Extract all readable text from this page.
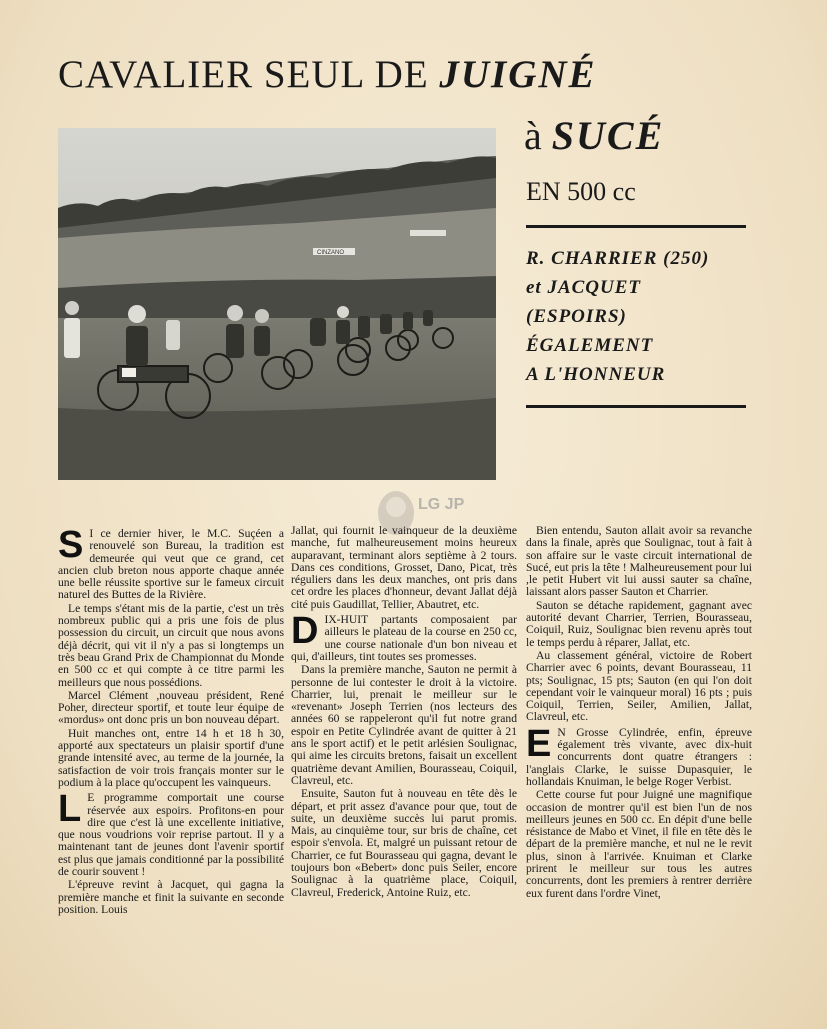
CAVALIER SEUL DE JUIGNÉ
à SUCÉ
EN 500 cc
R. CHARRIER (250)
et JACQUET
(ESPOIRS)
ÉGALEMENT
A L'HONNEUR
CINZANO
LG JP

S I ce dernier hiver, le M.C. Suçéen a renouvelé son Bureau, la tradition est demeurée qui veut que ce grand, cet ancien club breton nous apporte chaque année une belle réussite sportive sur le fameux circuit naturel des Buttes de la Rivière.

Le temps s'étant mis de la partie, c'est un très nombreux public qui a pris une fois de plus possession du circuit, un circuit que nous avons déjà décrit, qui vit il n'y a pas si longtemps un très beau Grand Prix de Championnat du Monde en 500 cc et qui compte à ce titre parmi les meilleurs que nous possédions.

Marcel Clément ,nouveau président, René Poher, directeur sportif, et toute leur équipe de «mordus» ont donc pris un bon nouveau départ.

Huit manches ont, entre 14 h et 18 h 30, apporté aux spectateurs un plaisir sportif d'une grande intensité avec, au terme de la journée, la satisfaction de voir trois français monter sur le podium à la place qu'occupent les vainqueurs.

L E programme comportait une course réservée aux espoirs. Profitons-en pour dire que c'est là une excellente initiative, que nous voudrions voir reprise partout. Il y a maintenant tant de jeunes dont l'avenir sportif est plus que jamais conditionné par la possibilité de courir souvent !

L'épreuve revint à Jacquet, qui gagna la première manche et finit la suivante en seconde position. Louis

Jallat, qui fournit le vainqueur de la deuxième manche, fut malheureusement moins heureux auparavant, terminant alors septième à 2 tours. Dans ces conditions, Grosset, Dano, Picat, très réguliers dans les deux manches, ont pris dans cet ordre les places d'honneur, devant Jallat déjà cité puis Gaudillat, Tellier, Abautret, etc.

DIX-HUIT partants composaient par ailleurs le plateau de la course en 250 cc, une course nationale d'un bon niveau et qui, d'ailleurs, tint toutes ses promesses.

Dans la première manche, Sauton ne permit à personne de lui contester le droit à la victoire. Charrier, lui, prenait le meilleur sur le «revenant» Joseph Terrien (nos lecteurs des années 60 se rappeleront qu'il fut notre grand espoir en Petite Cylindrée avant de quitter à 21 ans le sport actif) et le petit arlésien Soulignac, qui aime les circuits bretons, faisait un excellent quatrième devant Amilien, Bourasseau, Coiquil, Clavreul, etc.

Ensuite, Sauton fut à nouveau en tête dès le départ, et prit assez d'avance pour que, tout de suite, un deuxième succès lui parut promis. Mais, au cinquième tour, sur bris de chaîne, cet espoir s'envola. Et, malgré un puissant retour de Charrier, ce fut Bourasseau qui gagna, devant le toujours bon «Bebert» donc puis Seiler, encore Soulignac à la quatrième place, Coiquil, Clavreul, Frederick, Antoine Ruiz, etc.

Bien entendu, Sauton allait avoir sa revanche dans la finale, après que Soulignac, tout à fait à son affaire sur le vaste circuit international de Sucé, eut pris la tête ! Malheureusement pour lui ,le petit Hubert vit lui aussi sauter sa chaîne, laissant alors passer Sauton et Charrier.

Sauton se détache rapidement, gagnant avec autorité devant Charrier, Terrien, Bourasseau, Coiquil, Ruiz, Soulignac bien revenu après tout le temps perdu à réparer, Jallat, etc.

Au classement général, victoire de Robert Charrier avec 6 points, devant Bourasseau, 11 pts; Soulignac, 15 pts; Sauton (en qui l'on doit cependant voir le vainqueur moral) 16 pts ; puis Coiquil, Terrien, Seiler, Amilien, Jallat, Clavreul, etc.

E N Grosse Cylindrée, enfin, épreuve également très vivante, avec dix-huit concurrents dont quatre étrangers : l'anglais Clarke, le suisse Dupasquier, le hollandais Knuiman, le belge Roger Verbist.

Cette course fut pour Juigné une magnifique occasion de montrer qu'il est bien l'un de nos meilleurs jeunes en 500 cc. En dépit d'une belle résistance de Mabo et Vinet, il file en tête dès le départ de la première manche, et nul ne le revit plus, sinon à l'arrivée. Knuiman et Clarke prirent le meilleur sur tous les autres concurrents, dont les premiers à rentrer derrière eux furent dans l'ordre Vinet,
